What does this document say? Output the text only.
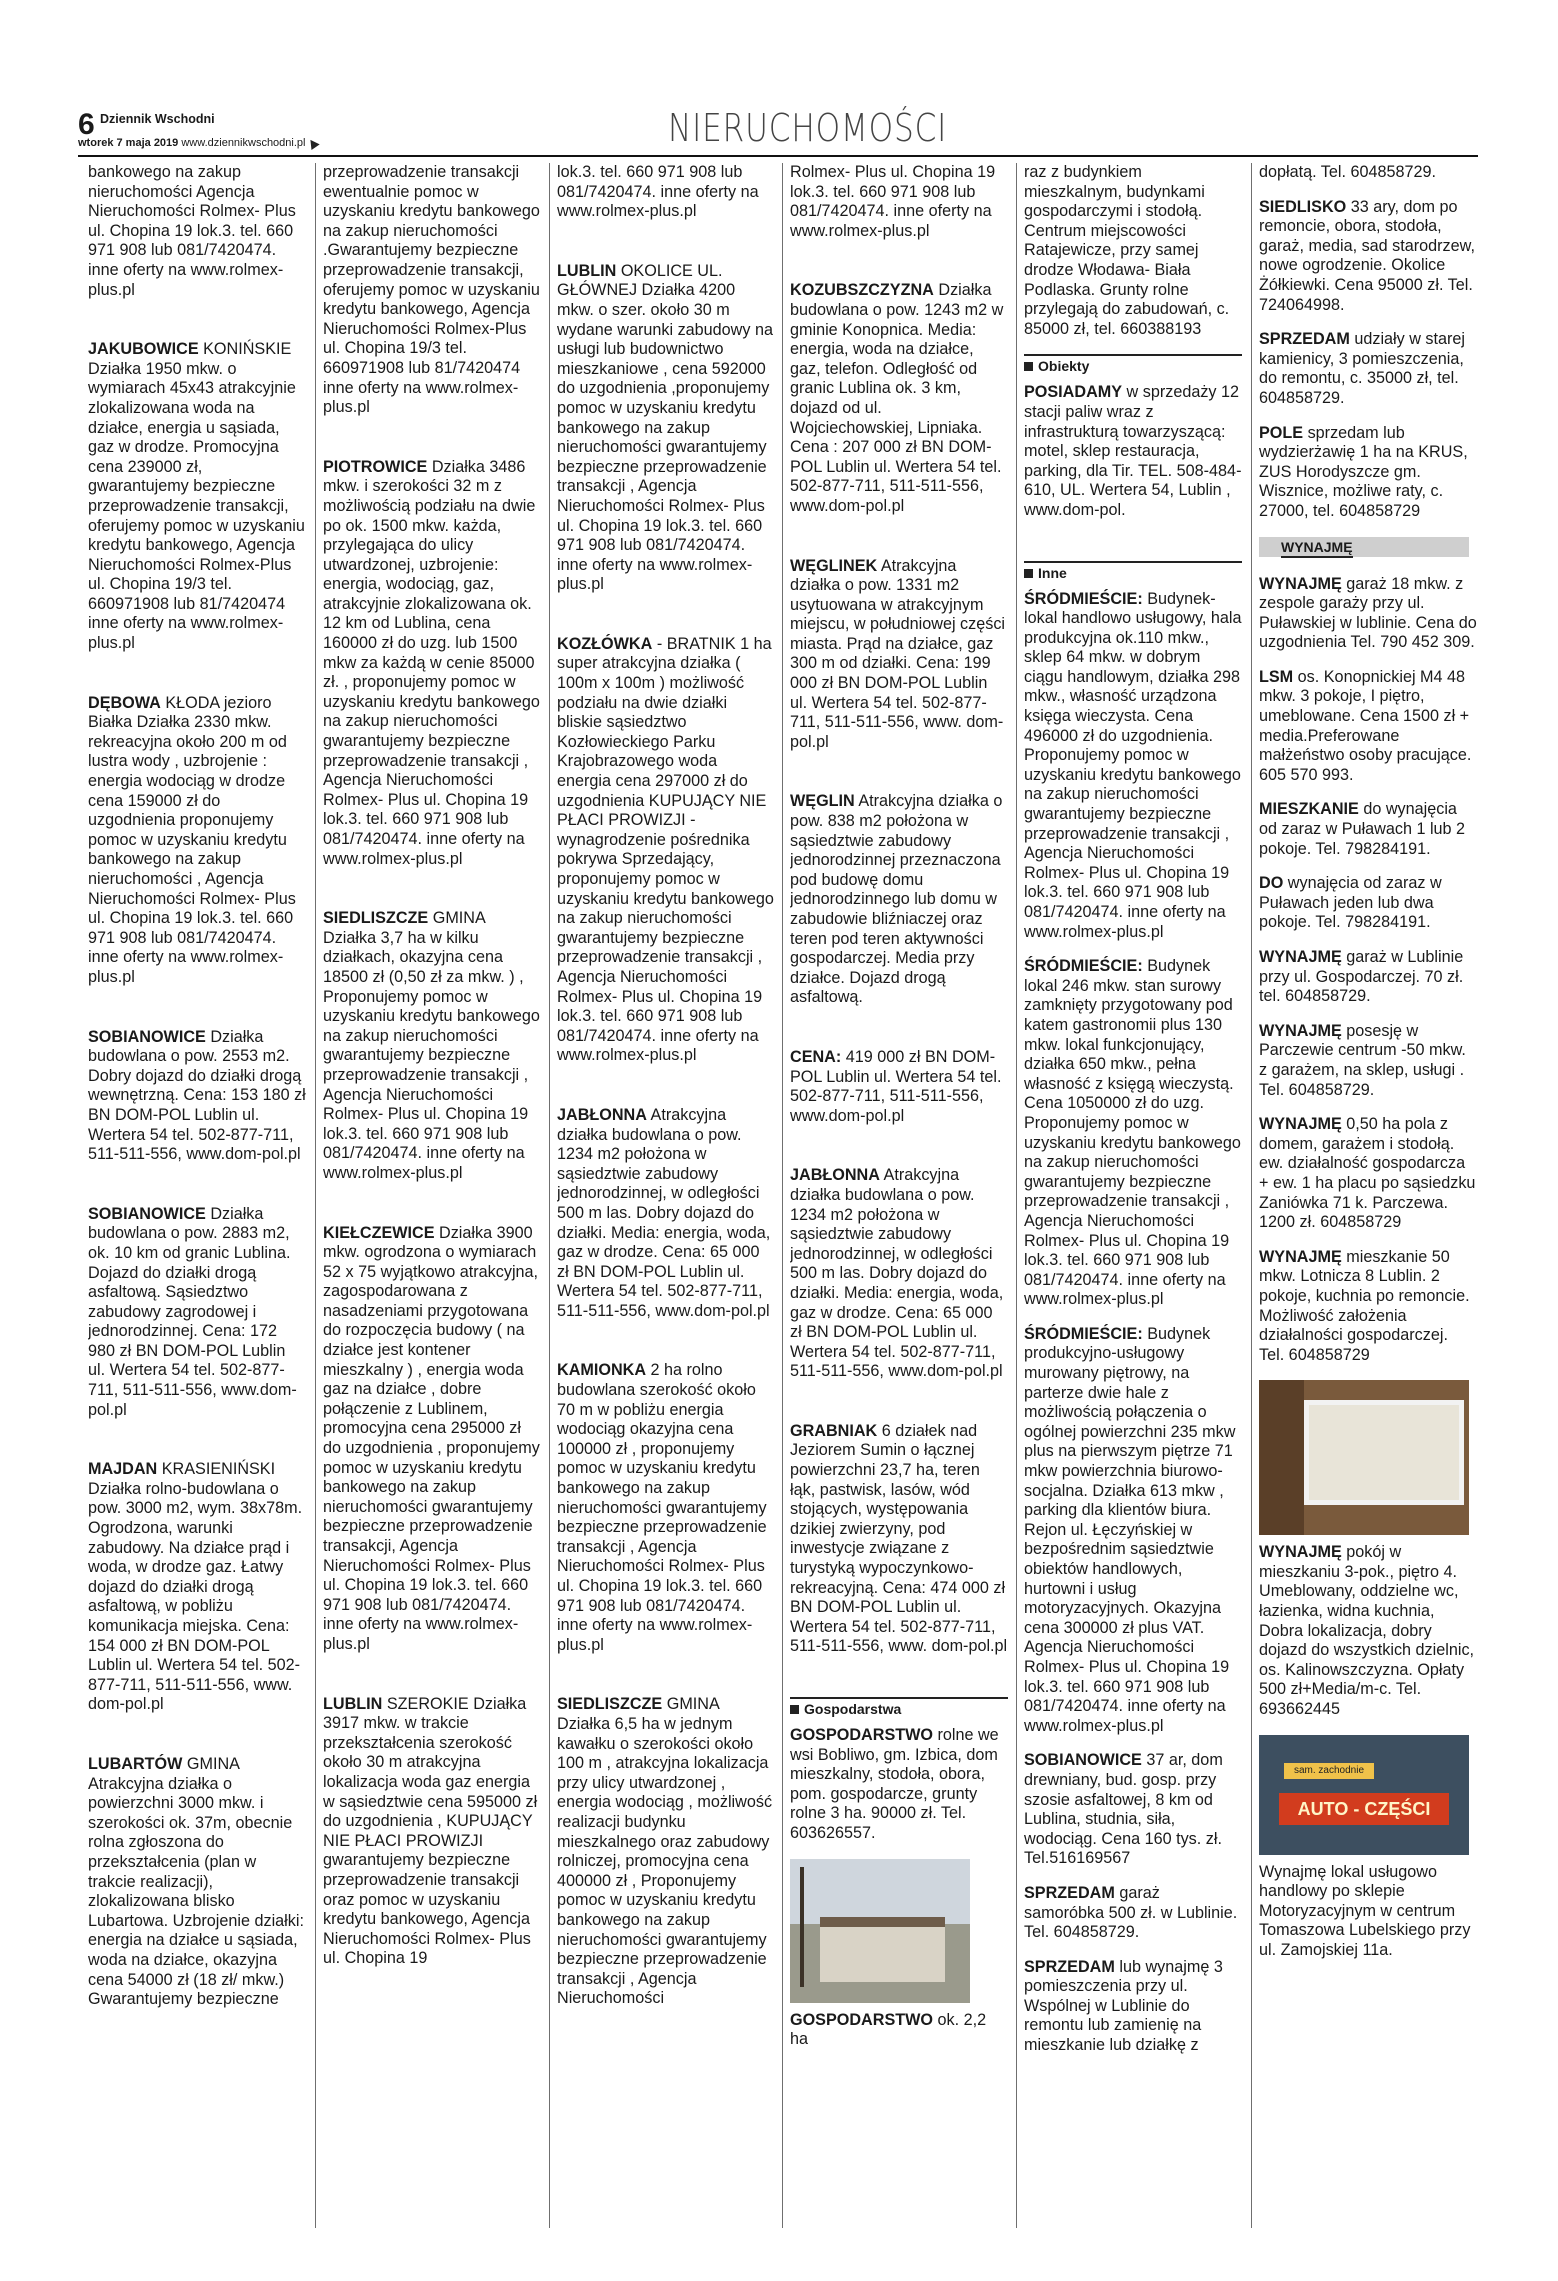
6 Dziennik Wschodni
wtorek 7 maja 2019 www.dziennikwschodni.pl	NIERUCHOMOŚCI
bankowego na zakup nieruchomości Agencja Nieruchomości Rolmex- Plus ul. Chopina 19 lok.3. tel. 660 971 908 lub 081/7420474. inne oferty na www.rolmex-plus.pl
JAKUBOWICE KONIŃSKIE Działka 1950 mkw. o wymiarach 45x43 atrakcyjnie zlokalizowana woda na działce, energia u sąsiada, gaz w drodze. Promocyjna cena 239000 zł, gwarantujemy bezpieczne przeprowadzenie transakcji, oferujemy pomoc w uzyskaniu kredytu bankowego, Agencja Nieruchomości Rolmex-Plus ul. Chopina 19/3 tel. 660971908 lub 81/7420474 inne oferty na www.rolmex-plus.pl
DĘBOWA KŁODA jezioro Białka Działka 2330 mkw. rekreacyjna około 200 m od lustra wody , uzbrojenie : energia wodociąg w drodze cena 159000 zł do uzgodnienia proponujemy pomoc w uzyskaniu kredytu bankowego na zakup nieruchomości , Agencja Nieruchomości Rolmex- Plus ul. Chopina 19 lok.3. tel. 660 971 908 lub 081/7420474. inne oferty na www.rolmex-plus.pl
SOBIANOWICE Działka budowlana o pow. 2553 m2. Dobry dojazd do działki drogą wewnętrzną. Cena: 153 180 zł BN DOM-POL Lublin ul. Wertera 54 tel. 502-877-711, 511-511-556, www.dom-pol.pl
SOBIANOWICE Działka budowlana o pow. 2883 m2, ok. 10 km od granic Lublina. Dojazd do działki drogą asfaltową. Sąsiedztwo zabudowy zagrodowej i jednorodzinnej. Cena: 172 980 zł BN DOM-POL Lublin ul. Wertera 54 tel. 502-877-711, 511-511-556, www.dom-pol.pl
MAJDAN KRASIENIŃSKI Działka rolno-budowlana o pow. 3000 m2, wym. 38x78m. Ogrodzona, warunki zabudowy. Na działce prąd i woda, w drodze gaz. Łatwy dojazd do działki drogą asfaltową, w pobliżu komunikacja miejska. Cena: 154 000 zł BN DOM-POL Lublin ul. Wertera 54 tel. 502-877-711, 511-511-556, www. dom-pol.pl
LUBARTÓW GMINA Atrakcyjna działka o powierzchni 3000 mkw. i szerokości ok. 37m, obecnie rolna zgłoszona do przekształcenia (plan w trakcie realizacji), zlokalizowana blisko Lubartowa. Uzbrojenie działki: energia na działce u sąsiada, woda na działce, okazyjna cena 54000 zł (18 zł/ mkw.) Gwarantujemy bezpieczne
przeprowadzenie transakcji ewentualnie pomoc w uzyskaniu kredytu bankowego na zakup nieruchomości .Gwarantujemy bezpieczne przeprowadzenie transakcji, oferujemy pomoc w uzyskaniu kredytu bankowego, Agencja Nieruchomości Rolmex-Plus ul. Chopina 19/3 tel. 660971908 lub 81/7420474 inne oferty na www.rolmex-plus.pl
PIOTROWICE Działka 3486 mkw. i szerokości 32 m z możliwością podziału na dwie po ok. 1500 mkw. każda, przylegająca do ulicy utwardzonej, uzbrojenie: energia, wodociąg, gaz, atrakcyjnie zlokalizowana ok. 12 km od Lublina, cena 160000 zł do uzg. lub 1500 mkw za każdą w cenie 85000 zł. , proponujemy pomoc w uzyskaniu kredytu bankowego na zakup nieruchomości gwarantujemy bezpieczne przeprowadzenie transakcji , Agencja Nieruchomości Rolmex- Plus ul. Chopina 19 lok.3. tel. 660 971 908 lub 081/7420474. inne oferty na www.rolmex-plus.pl
SIEDLISZCZE GMINA Działka 3,7 ha w kilku działkach, okazyjna cena 18500 zł (0,50 zł za mkw. ) , Proponujemy pomoc w uzyskaniu kredytu bankowego na zakup nieruchomości gwarantujemy bezpieczne przeprowadzenie transakcji , Agencja Nieruchomości Rolmex- Plus ul. Chopina 19 lok.3. tel. 660 971 908 lub 081/7420474. inne oferty na www.rolmex-plus.pl
KIEŁCZEWICE Działka 3900 mkw. ogrodzona o wymiarach 52 x 75 wyjątkowo atrakcyjna, zagospodarowana z nasadzeniami przygotowana do rozpoczęcia budowy ( na działce jest kontener mieszkalny ) , energia woda gaz na działce , dobre połączenie z Lublinem, promocyjna cena 295000 zł do uzgodnienia , proponujemy pomoc w uzyskaniu kredytu bankowego na zakup nieruchomości gwarantujemy bezpieczne przeprowadzenie transakcji, Agencja Nieruchomości Rolmex- Plus ul. Chopina 19 lok.3. tel. 660 971 908 lub 081/7420474. inne oferty na www.rolmex-plus.pl
LUBLIN SZEROKIE Działka 3917 mkw. w trakcie przekształcenia szerokość około 30 m atrakcyjna lokalizacja woda gaz energia w sąsiedztwie cena 595000 zł do uzgodnienia , KUPUJĄCY NIE PŁACI PROWIZJI gwarantujemy bezpieczne przeprowadzenie transakcji oraz pomoc w uzyskaniu kredytu bankowego, Agencja Nieruchomości Rolmex- Plus ul. Chopina 19
lok.3. tel. 660 971 908 lub 081/7420474. inne oferty na www.rolmex-plus.pl
LUBLIN OKOLICE UL. GŁÓWNEJ Działka 4200 mkw. o szer. około 30 m wydane warunki zabudowy na usługi lub budownictwo mieszkaniowe , cena 592000 do uzgodnienia ,proponujemy pomoc w uzyskaniu kredytu bankowego na zakup nieruchomości gwarantujemy bezpieczne przeprowadzenie transakcji , Agencja Nieruchomości Rolmex- Plus ul. Chopina 19 lok.3. tel. 660 971 908 lub 081/7420474. inne oferty na www.rolmex-plus.pl
KOZŁÓWKA - BRATNIK 1 ha super atrakcyjna działka ( 100m x 100m ) możliwość podziału na dwie działki bliskie sąsiedztwo Kozłowieckiego Parku Krajobrazowego woda energia cena 297000 zł do uzgodnienia KUPUJĄCY NIE PŁACI PROWIZJI -wynagrodzenie pośrednika pokrywa Sprzedający, proponujemy pomoc w uzyskaniu kredytu bankowego na zakup nieruchomości gwarantujemy bezpieczne przeprowadzenie transakcji , Agencja Nieruchomości Rolmex- Plus ul. Chopina 19 lok.3. tel. 660 971 908 lub 081/7420474. inne oferty na www.rolmex-plus.pl
JABŁONNA Atrakcyjna działka budowlana o pow. 1234 m2 położona w sąsiedztwie zabudowy jednorodzinnej, w odległości 500 m las. Dobry dojazd do działki. Media: energia, woda, gaz w drodze. Cena: 65 000 zł BN DOM-POL Lublin ul. Wertera 54 tel. 502-877-711, 511-511-556, www.dom-pol.pl
KAMIONKA 2 ha rolno budowlana szerokość około 70 m w pobliżu energia wodociąg okazyjna cena 100000 zł , proponujemy pomoc w uzyskaniu kredytu bankowego na zakup nieruchomości gwarantujemy bezpieczne przeprowadzenie transakcji , Agencja Nieruchomości Rolmex- Plus ul. Chopina 19 lok.3. tel. 660 971 908 lub 081/7420474. inne oferty na www.rolmex-plus.pl
SIEDLISZCZE GMINA Działka 6,5 ha w jednym kawałku o szerokości około 100 m , atrakcyjna lokalizacja przy ulicy utwardzonej , energia wodociąg , możliwość realizacji budynku mieszkalnego oraz zabudowy rolniczej, promocyjna cena 400000 zł , Proponujemy pomoc w uzyskaniu kredytu bankowego na zakup nieruchomości gwarantujemy bezpieczne przeprowadzenie transakcji , Agencja Nieruchomości
Rolmex- Plus ul. Chopina 19 lok.3. tel. 660 971 908 lub 081/7420474. inne oferty na www.rolmex-plus.pl
KOZUBSZCZYZNA Działka budowlana o pow. 1243 m2 w gminie Konopnica. Media: energia, woda na działce, gaz, telefon. Odległość od granic Lublina ok. 3 km, dojazd od ul. Wojciechowskiej, Lipniaka. Cena : 207 000 zł BN DOM-POL Lublin ul. Wertera 54 tel. 502-877-711, 511-511-556, www.dom-pol.pl
WĘGLINEK Atrakcyjna działka o pow. 1331 m2 usytuowana w atrakcyjnym miejscu, w południowej części miasta. Prąd na działce, gaz 300 m od działki. Cena: 199 000 zł BN DOM-POL Lublin ul. Wertera 54 tel. 502-877-711, 511-511-556, www. dom-pol.pl
WĘGLIN Atrakcyjna działka o pow. 838 m2 położona w sąsiedztwie zabudowy jednorodzinnej przeznaczona pod budowę domu jednorodzinnego lub domu w zabudowie bliźniaczej oraz teren pod teren aktywności gospodarczej. Media przy działce. Dojazd drogą asfaltową.
CENA: 419 000 zł BN DOM-POL Lublin ul. Wertera 54 tel. 502-877-711, 511-511-556, www.dom-pol.pl
JABŁONNA Atrakcyjna działka budowlana o pow. 1234 m2 położona w sąsiedztwie zabudowy jednorodzinnej, w odległości 500 m las. Dobry dojazd do działki. Media: energia, woda, gaz w drodze. Cena: 65 000 zł BN DOM-POL Lublin ul. Wertera 54 tel. 502-877-711, 511-511-556, www.dom-pol.pl
GRABNIAK 6 działek nad Jeziorem Sumin o łącznej powierzchni 23,7 ha, teren łąk, pastwisk, lasów, wód stojących, występowania dzikiej zwierzyny, pod inwestycje związane z turystyką wypoczynkowo-rekreacyjną. Cena: 474 000 zł BN DOM-POL Lublin ul. Wertera 54 tel. 502-877-711, 511-511-556, www. dom-pol.pl
Gospodarstwa
GOSPODARSTWO rolne we wsi Bobliwo, gm. Izbica, dom mieszkalny, stodoła, obora, pom. gospodarcze, grunty rolne 3 ha. 90000 zł. Tel. 603626557.
GOSPODARSTWO ok. 2,2 ha
raz z budynkiem mieszkalnym, budynkami gospodarczymi i stodołą. Centrum miejscowości Ratajewicze, przy samej drodze Włodawa- Biała Podlaska. Grunty rolne przylegają do zabudowań, c. 85000 zł, tel. 660388193
Obiekty
POSIADAMY w sprzedaży 12 stacji paliw wraz z infrastrukturą towarzyszącą: motel, sklep restauracja, parking, dla Tir. TEL. 508-484-610, UL. Wertera 54, Lublin , www.dom-pol.
Inne
ŚRÓDMIEŚCIE: Budynek-lokal handlowo usługowy, hala produkcyjna ok.110 mkw., sklep 64 mkw. w dobrym ciągu handlowym, działka 298 mkw., własność urządzona księga wieczysta. Cena 496000 zł do uzgodnienia. Proponujemy pomoc w uzyskaniu kredytu bankowego na zakup nieruchomości gwarantujemy bezpieczne przeprowadzenie transakcji , Agencja Nieruchomości Rolmex- Plus ul. Chopina 19 lok.3. tel. 660 971 908 lub 081/7420474. inne oferty na www.rolmex-plus.pl
ŚRÓDMIEŚCIE: Budynek lokal 246 mkw. stan surowy zamknięty przygotowany pod katem gastronomii plus 130 mkw. lokal funkcjonujący, działka 650 mkw., pełna własność z księgą wieczystą. Cena 1050000 zł do uzg. Proponujemy pomoc w uzyskaniu kredytu bankowego na zakup nieruchomości gwarantujemy bezpieczne przeprowadzenie transakcji , Agencja Nieruchomości Rolmex- Plus ul. Chopina 19 lok.3. tel. 660 971 908 lub 081/7420474. inne oferty na www.rolmex-plus.pl
ŚRÓDMIEŚCIE: Budynek produkcyjno-usługowy murowany piętrowy, na parterze dwie hale z możliwością połączenia o ogólnej powierzchni 235 mkw plus na pierwszym piętrze 71 mkw powierzchnia biurowo-socjalna. Działka 613 mkw , parking dla klientów biura. Rejon ul. Łęczyńskiej w bezpośrednim sąsiedztwie obiektów handlowych, hurtowni i usług motoryzacyjnych. Okazyjna cena 300000 zł plus VAT. Agencja Nieruchomości Rolmex- Plus ul. Chopina 19 lok.3. tel. 660 971 908 lub 081/7420474. inne oferty na www.rolmex-plus.pl
SOBIANOWICE 37 ar, dom drewniany, bud. gosp. przy szosie asfaltowej, 8 km od Lublina, studnia, siła, wodociąg. Cena 160 tys. zł. Tel.516169567
SPRZEDAM garaż samoróbka 500 zł. w Lublinie. Tel. 604858729.
SPRZEDAM lub wynajmę 3 pomieszczenia przy ul. Wspólnej w Lublinie do remontu lub zamienię na mieszkanie lub działkę z
dopłatą. Tel. 604858729.
SIEDLISKO 33 ary, dom po remoncie, obora, stodoła, garaż, media, sad starodrzew, nowe ogrodzenie. Okolice Żółkiewki. Cena 95000 zł. Tel. 724064998.
SPRZEDAM udziały w starej kamienicy, 3 pomieszczenia, do remontu, c. 35000 zł, tel. 604858729.
POLE sprzedam lub wydzierżawię 1 ha na KRUS, ZUS Horodyszcze gm. Wisznice, możliwe raty, c. 27000, tel. 604858729
WYNAJMĘ
WYNAJMĘ garaż 18 mkw. z zespole garaży przy ul. Puławskiej w lublinie. Cena do uzgodnienia Tel. 790 452 309.
LSM os. Konopnickiej M4 48 mkw. 3 pokoje, I piętro, umeblowane. Cena 1500 zł + media.Preferowane małżeństwo osoby pracujące. 605 570 993.
MIESZKANIE do wynajęcia od zaraz w Puławach 1 lub 2 pokoje. Tel. 798284191.
DO wynajęcia od zaraz w Puławach jeden lub dwa pokoje. Tel. 798284191.
WYNAJMĘ garaż w Lublinie przy ul. Gospodarczej. 70 zł. tel. 604858729.
WYNAJMĘ posesję w Parczewie centrum -50 mkw. z garażem, na sklep, usługi . Tel. 604858729.
WYNAJMĘ 0,50 ha pola z domem, garażem i stodołą. ew. działalność gospodarcza + ew. 1 ha placu po sąsiedzku Zaniówka 71 k. Parczewa. 1200 zł. 604858729
WYNAJMĘ mieszkanie 50 mkw. Lotnicza 8 Lublin. 2 pokoje, kuchnia po remoncie. Możliwość założenia działalności gospodarczej. Tel. 604858729
WYNAJMĘ pokój w mieszkaniu 3-pok., piętro 4. Umeblowany, oddzielne wc, łazienka, widna kuchnia, Dobra lokalizacja, dobry dojazd do wszystkich dzielnic, os. Kalinowszczyzna. Opłaty 500 zł+Media/m-c. Tel. 693662445
sam. zachodnie
AUTO - CZĘŚCI
Wynajmę lokal usługowo handlowy po sklepie Motoryzacyjnym w centrum Tomaszowa Lubelskiego przy ul. Zamojskiej 11a.
